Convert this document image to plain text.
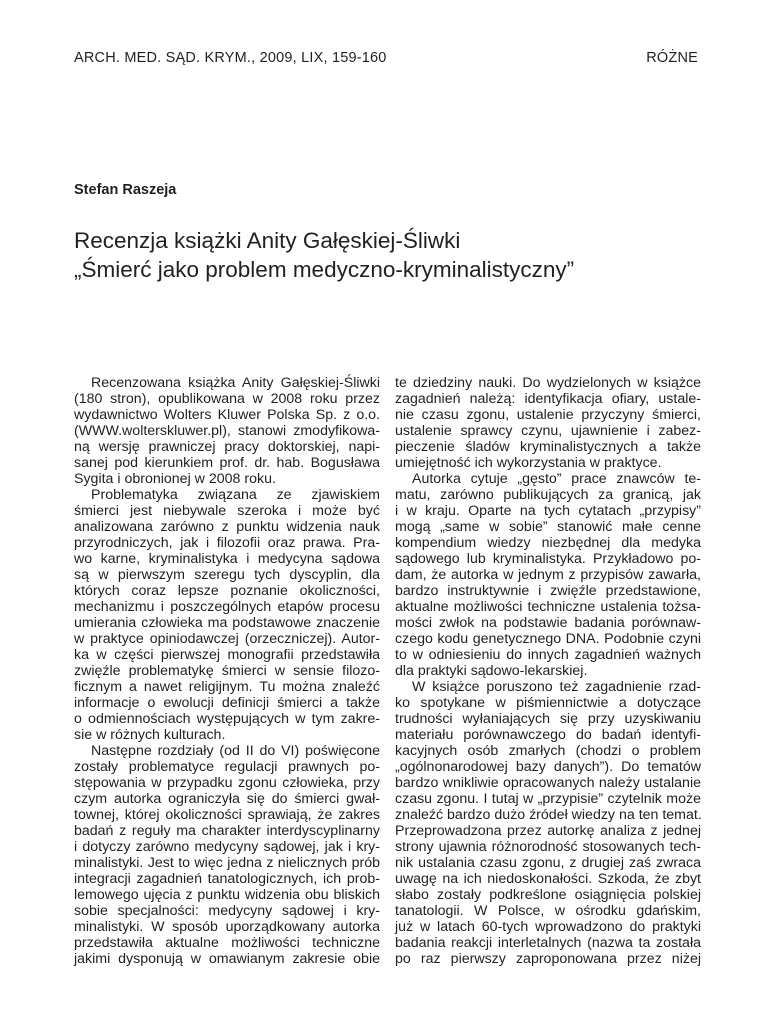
ARCH. MED. SĄD. KRYM., 2009, LIX, 159-160	RÓŻNE
Stefan Raszeja
Recenzja książki Anity Gałęskiej-Śliwki
„Śmierć jako problem medyczno-kryminalistyczny”
Recenzowana książka Anity Gałęskiej-Śliwki
(180 stron), opublikowana w 2008 roku przez
wydawnictwo Wolters Kluwer Polska Sp. z o.o.
(WWW.wolterskluwer.pl), stanowi zmodyfikowa-
ną wersję prawniczej pracy doktorskiej, napi-
sanej pod kierunkiem prof. dr. hab. Bogusława
Sygita i obronionej w 2008 roku.
Problematyka związana ze zjawiskiem
śmierci jest niebywale szeroka i może być
analizowana zarówno z punktu widzenia nauk
przyrodniczych, jak i filozofii oraz prawa. Pra-
wo karne, kryminalistyka i medycyna sądowa
są w pierwszym szeregu tych dyscyplin, dla
których coraz lepsze poznanie okoliczności,
mechanizmu i poszczególnych etapów procesu
umierania człowieka ma podstawowe znaczenie
w praktyce opiniodawczej (orzeczniczej). Autor-
ka w części pierwszej monografii przedstawiła
zwięźle problematykę śmierci w sensie filozo-
ficznym a nawet religijnym. Tu można znaleźć
informacje o ewolucji definicji śmierci a także
o odmiennościach występujących w tym zakre-
sie w różnych kulturach.
Następne rozdziały (od II do VI) poświęcone
zostały problematyce regulacji prawnych po-
stępowania w przypadku zgonu człowieka, przy
czym autorka ograniczyła się do śmierci gwał-
townej, której okoliczności sprawiają, że zakres
badań z reguły ma charakter interdyscyplinarny
i dotyczy zarówno medycyny sądowej, jak i kry-
minalistyki. Jest to więc jedna z nielicznych prób
integracji zagadnień tanatologicznych, ich prob-
lemowego ujęcia z punktu widzenia obu bliskich
sobie specjalności: medycyny sądowej i kry-
minalistyki. W sposób uporządkowany autorka
przedstawiła aktualne możliwości techniczne
jakimi dysponują w omawianym zakresie obie
te dziedziny nauki. Do wydzielonych w książce
zagadnień należą: identyfikacja ofiary, ustale-
nie czasu zgonu, ustalenie przyczyny śmierci,
ustalenie sprawcy czynu, ujawnienie i zabez-
pieczenie śladów kryminalistycznych a także
umiejętność ich wykorzystania w praktyce.
Autorka cytuje „gęsto” prace znawców te-
matu, zarówno publikujących za granicą, jak
i w kraju. Oparte na tych cytatach „przypisy”
mogą „same w sobie” stanowić małe cenne
kompendium wiedzy niezbędnej dla medyka
sądowego lub kryminalistyka. Przykładowo po-
dam, że autorka w jednym z przypisów zawarła,
bardzo instruktywnie i zwięźle przedstawione,
aktualne możliwości techniczne ustalenia tożsa-
mości zwłok na podstawie badania porównaw-
czego kodu genetycznego DNA. Podobnie czyni
to w odniesieniu do innych zagadnień ważnych
dla praktyki sądowo-lekarskiej.
W książce poruszono też zagadnienie rzad-
ko spotykane w piśmiennictwie a dotyczące
trudności wyłaniających się przy uzyskiwaniu
materiału porównawczego do badań identyfi-
kacyjnych osób zmarłych (chodzi o problem
„ogólnonarodowej bazy danych”). Do tematów
bardzo wnikliwie opracowanych należy ustalanie
czasu zgonu. I tutaj w „przypisie” czytelnik może
znaleźć bardzo dużo źródeł wiedzy na ten temat.
Przeprowadzona przez autorkę analiza z jednej
strony ujawnia różnorodność stosowanych tech-
nik ustalania czasu zgonu, z drugiej zaś zwraca
uwagę na ich niedoskonałości. Szkoda, że zbyt
słabo zostały podkreślone osiągnięcia polskiej
tanatologii. W Polsce, w ośrodku gdańskim,
już w latach 60-tych wprowadzono do praktyki
badania reakcji interletalnych (nazwa ta została
po raz pierwszy zaproponowana przez niżej
